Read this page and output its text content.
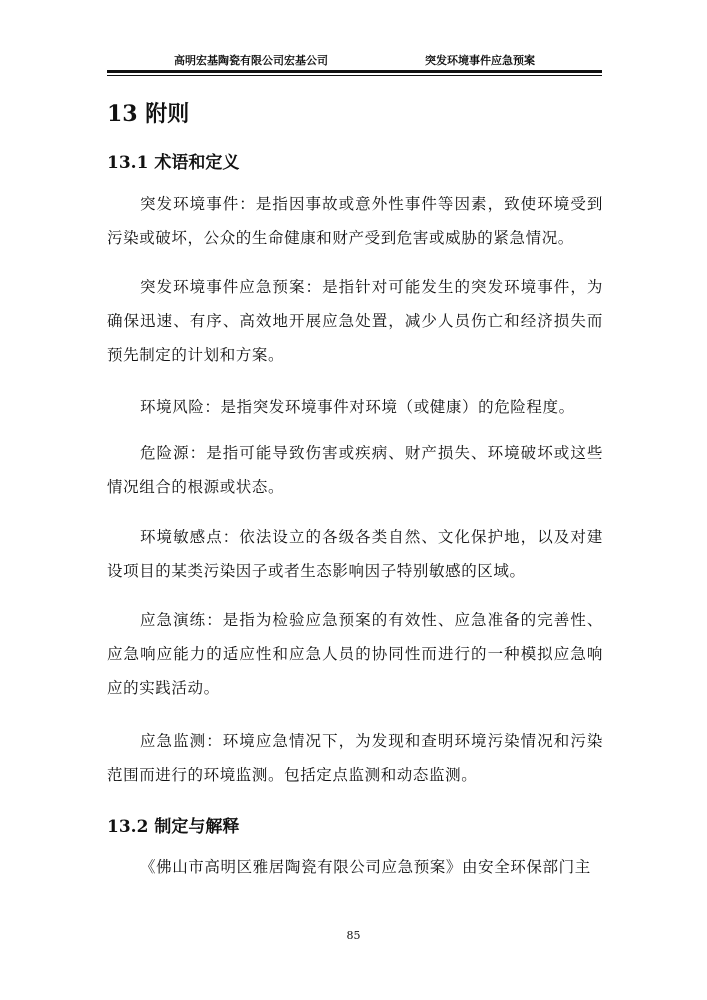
高明宏基陶瓷有限公司宏基公司	突发环境事件应急预案
13 附则
13.1 术语和定义

突发环境事件：是指因事故或意外性事件等因素，致使环境受到污染或破坏，公众的生命健康和财产受到危害或威胁的紧急情况。

突发环境事件应急预案：是指针对可能发生的突发环境事件，为确保迅速、有序、高效地开展应急处置，减少人员伤亡和经济损失而预先制定的计划和方案。

环境风险：是指突发环境事件对环境（或健康）的危险程度。

危险源：是指可能导致伤害或疾病、财产损失、环境破坏或这些情况组合的根源或状态。

环境敏感点：依法设立的各级各类自然、文化保护地，以及对建设项目的某类污染因子或者生态影响因子特别敏感的区域。

应急演练：是指为检验应急预案的有效性、应急准备的完善性、应急响应能力的适应性和应急人员的协同性而进行的一种模拟应急响应的实践活动。

应急监测：环境应急情况下，为发现和查明环境污染情况和污染范围而进行的环境监测。包括定点监测和动态监测。

13.2 制定与解释

《佛山市高明区雅居陶瓷有限公司应急预案》由安全环保部门主

85
